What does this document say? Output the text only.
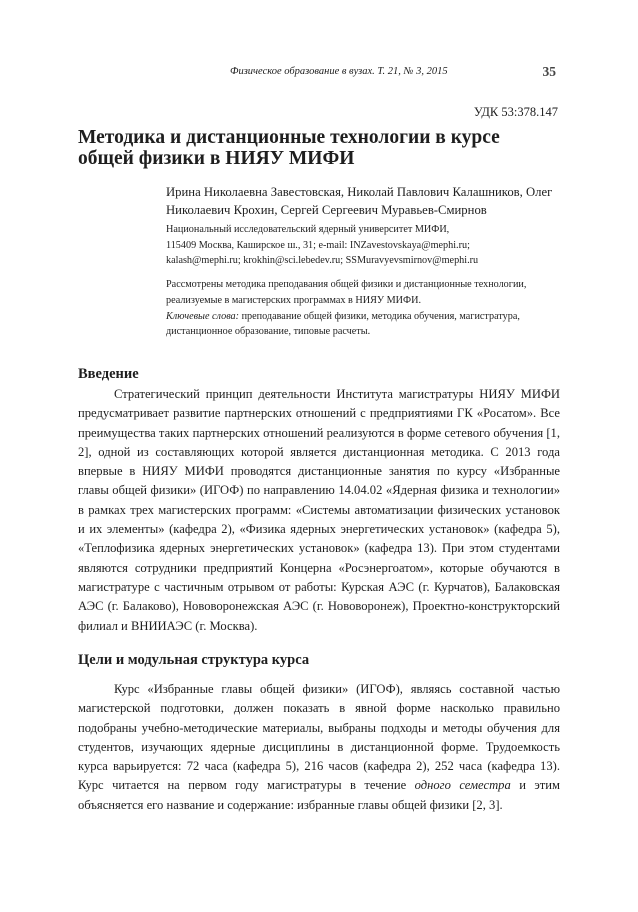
Физическое образование в вузах. Т. 21, № 3, 2015	35
УДК 53:378.147
Методика и дистанционные технологии в курсе общей физики в НИЯУ МИФИ

Ирина Николаевна Завестовская, Николай Павлович Калашников, Олег Николаевич Крохин, Сергей Сергеевич Муравьев-Смирнов

Национальный исследовательский ядерный университет МИФИ,
115409 Москва, Каширское ш., 31; e-mail: INZavestovskaya@mephi.ru;
kalash@mephi.ru; krokhin@sci.lebedev.ru; SSMuravyevsmirnov@mephi.ru
Рассмотрены методика преподавания общей физики и дистанционные технологии, реализуемые в магистерских программах в НИЯУ МИФИ.
Ключевые слова: преподавание общей физики, методика обучения, магистратура, дистанционное образование, типовые расчеты.
Введение

Стратегический принцип деятельности Института магистратуры НИЯУ МИФИ предусматривает развитие партнерских отношений с предприятиями ГК «Росатом». Все преимущества таких партнерских отношений реализуются в форме сетевого обучения [1, 2], одной из составляющих которой является дистанционная методика. С 2013 года впервые в НИЯУ МИФИ проводятся дистанционные занятия по курсу «Избранные главы общей физики» (ИГОФ) по направлению 14.04.02 «Ядерная физика и технологии» в рамках трех магистерских программ: «Системы автоматизации физических установок и их элементы» (кафедра 2), «Физика ядерных энергетических установок» (кафедра 5), «Теплофизика ядерных энергетических установок» (кафедра 13). При этом студентами являются сотрудники предприятий Концерна «Росэнергоатом», которые обучаются в магистратуре с частичным отрывом от работы: Курская АЭС (г. Курчатов), Балаковская АЭС (г. Балаково), Нововоронежская АЭС (г. Нововоронеж), Проектно-конструкторский филиал и ВНИИАЭС (г. Москва).

Цели и модульная структура курса

Курс «Избранные главы общей физики» (ИГОФ), являясь составной частью магистерской подготовки, должен показать в явной форме насколько правильно подобраны учебно-методические материалы, выбраны подходы и методы обучения для студентов, изучающих ядерные дисциплины в дистанционной форме. Трудоемкость курса варьируется: 72 часа (кафедра 5), 216 часов (кафедра 2), 252 часа (кафедра 13). Курс читается на первом году магистратуры в течение одного семестра и этим объясняется его название и содержание: избранные главы общей физики [2, 3].
